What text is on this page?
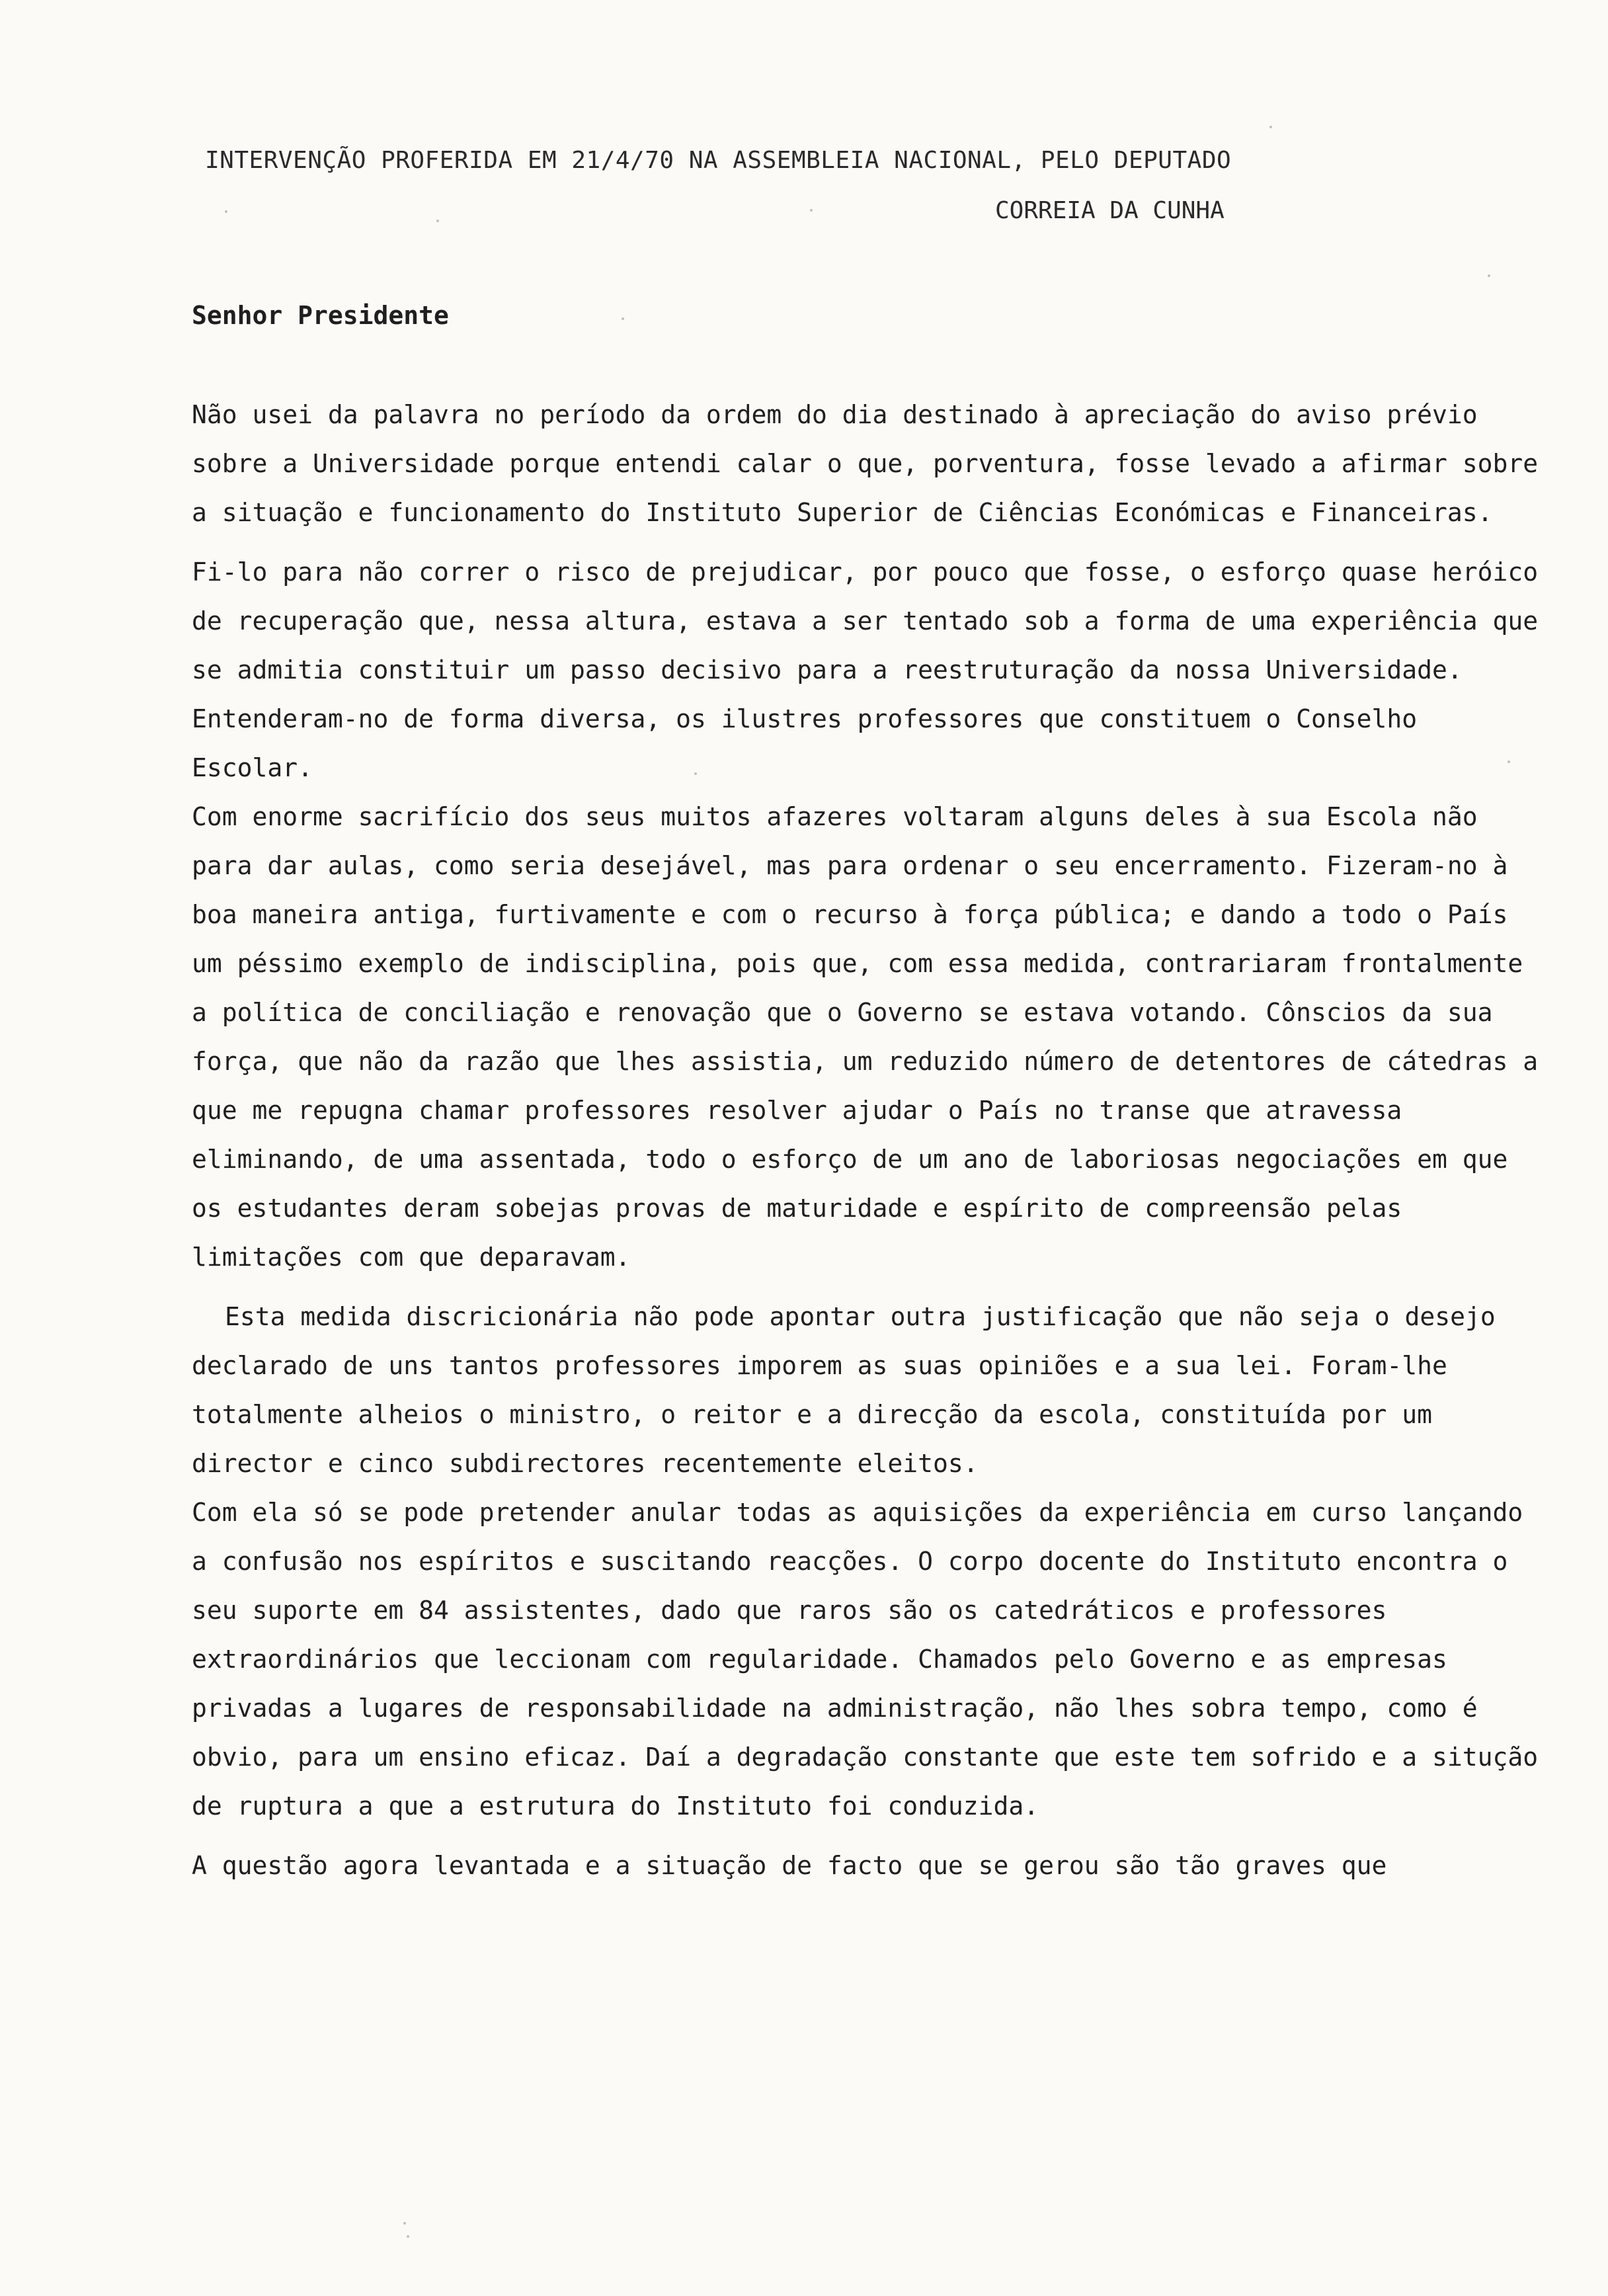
INTERVENÇÃO PROFERIDA EM 21/4/70 NA ASSEMBLEIA NACIONAL, PELO DEPUTADO
CORREIA DA CUNHA
Senhor Presidente

Não usei da palavra no período da ordem do dia destinado à apreciação do aviso prévio sobre a Universidade porque entendi calar o que, porventura, fosse levado a afirmar sobre a situação e funcionamento do Instituto Superior de Ciências Económicas e Financeiras.

Fi-lo para não correr o risco de prejudicar, por pouco que fosse, o esforço quase heróico de recuperação que, nessa altura, estava a ser tentado sob a forma de uma experiência que se admitia constituir um passo decisivo para a reestruturação da nossa Universidade.

Entenderam-no de forma diversa, os ilustres professores que constituem o Conselho Escolar.

Com enorme sacrifício dos seus muitos afazeres voltaram alguns deles à sua Escola não para dar aulas, como seria desejável, mas para ordenar o seu encerramento. Fizeram-no à boa maneira antiga, furtivamente e com o recurso à força pública; e dando a todo o País um péssimo exemplo de indisciplina, pois que, com essa medida, contrariaram frontalmente a política de conciliação e renovação que o Governo se estava votando. Cônscios da sua força, que não da razão que lhes assistia, um reduzido número de detentores de cátedras a que me repugna chamar professores resolver ajudar o País no transe que atravessa eliminando, de uma assentada, todo o esforço de um ano de laboriosas negociações em que os estudantes deram sobejas provas de maturidade e espírito de compreensão pelas limitações com que deparavam.

Esta medida discricionária não pode apontar outra justificação que não seja o desejo declarado de uns tantos professores imporem as suas opiniões e a sua lei. Foram-lhe totalmente alheios o ministro, o reitor e a direcção da escola, constituída por um director e cinco subdirectores recentemente eleitos.

Com ela só se pode pretender anular todas as aquisições da experiência em curso lançando a confusão nos espíritos e suscitando reacções. O corpo docente do Instituto encontra o seu suporte em 84 assistentes, dado que raros são os catedráticos e professores extraordinários que leccionam com regularidade. Chamados pelo Governo e as empresas privadas a lugares de responsabilidade na administração, não lhes sobra tempo, como é obvio, para um ensino eficaz. Daí a degradação constante que este tem sofrido e a situção de ruptura a que a estrutura do Instituto foi conduzida.

A questão agora levantada e a situação de facto que se gerou são tão graves que
